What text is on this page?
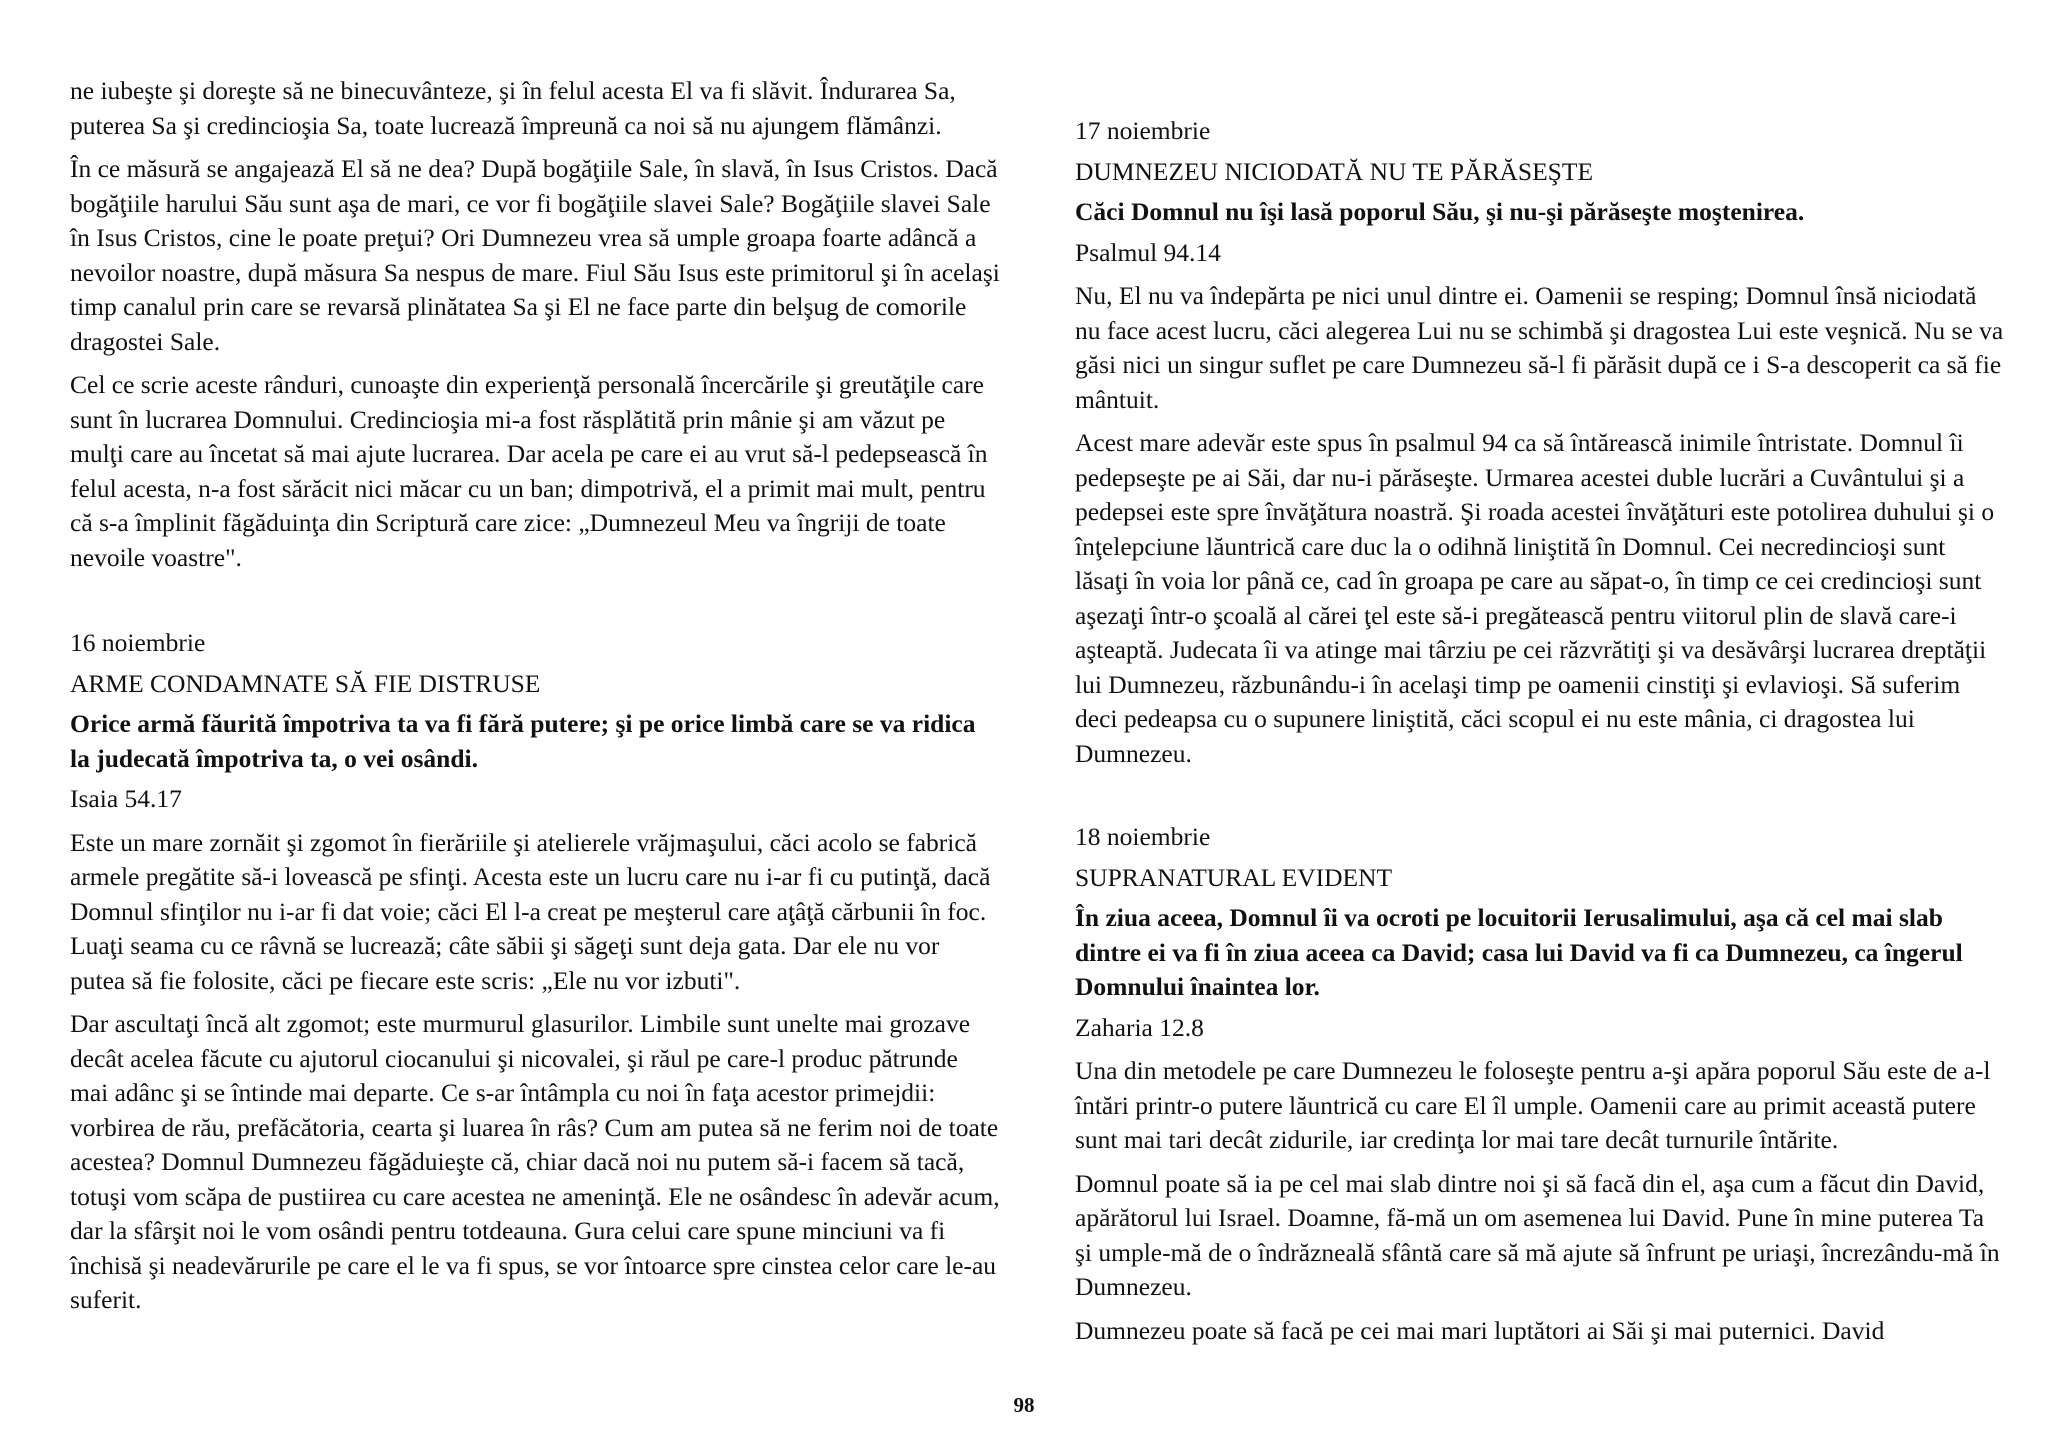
ne iubeşte şi doreşte să ne binecuvânteze, şi în felul acesta El va fi slăvit. Îndurarea Sa, puterea Sa şi credincioşia Sa, toate lucrează împreună ca noi să nu ajungem flămânzi.

În ce măsură se angajează El să ne dea? După bogăţiile Sale, în slavă, în Isus Cristos. Dacă bogăţiile harului Său sunt aşa de mari, ce vor fi bogăţiile slavei Sale? Bogăţiile slavei Sale în Isus Cristos, cine le poate preţui? Ori Dumnezeu vrea să umple groapa foarte adâncă a nevoilor noastre, după măsura Sa nespus de mare. Fiul Său Isus este primitorul şi în acelaşi timp canalul prin care se revarsă plinătatea Sa şi El ne face parte din belşug de comorile dragostei Sale.

Cel ce scrie aceste rânduri, cunoaşte din experienţă personală încercările şi greutăţile care sunt în lucrarea Domnului. Credincioşia mi-a fost răsplătită prin mânie şi am văzut pe mulţi care au încetat să mai ajute lucrarea. Dar acela pe care ei au vrut să-l pedepsească în felul acesta, n-a fost sărăcit nici măcar cu un ban; dimpotrivă, el a primit mai mult, pentru că s-a împlinit făgăduinţa din Scriptură care zice: „Dumnezeul Meu va îngriji de toate nevoile voastre".

16 noiembrie

ARME CONDAMNATE SĂ FIE DISTRUSE

Orice armă făurită împotriva ta va fi fără putere; şi pe orice limbă care se va ridica la judecată împotriva ta, o vei osândi.

Isaia 54.17

Este un mare zornăit şi zgomot în fierăriile şi atelierele vrăjmaşului, căci acolo se fabrică armele pregătite să-i lovească pe sfinţi. Acesta este un lucru care nu i-ar fi cu putinţă, dacă Domnul sfinţilor nu i-ar fi dat voie; căci El l-a creat pe meşterul care aţâţă cărbunii în foc. Luaţi seama cu ce râvnă se lucrează; câte săbii şi săgeţi sunt deja gata. Dar ele nu vor putea să fie folosite, căci pe fiecare este scris: „Ele nu vor izbuti".

Dar ascultaţi încă alt zgomot; este murmurul glasurilor. Limbile sunt unelte mai grozave decât acelea făcute cu ajutorul ciocanului şi nicovalei, şi răul pe care-l produc pătrunde mai adânc şi se întinde mai departe. Ce s-ar întâmpla cu noi în faţa acestor primejdii: vorbirea de rău, prefăcătoria, cearta şi luarea în râs? Cum am putea să ne ferim noi de toate acestea? Domnul Dumnezeu făgăduieşte că, chiar dacă noi nu putem să-i facem să tacă, totuşi vom scăpa de pustiirea cu care acestea ne ameninţă. Ele ne osândesc în adevăr acum, dar la sfârşit noi le vom osândi pentru totdeauna. Gura celui care spune minciuni va fi închisă şi neadevărurile pe care el le va fi spus, se vor întoarce spre cinstea celor care le-au suferit.

17 noiembrie

DUMNEZEU NICIODATĂ NU TE PĂRĂSEŞTE

Căci Domnul nu îşi lasă poporul Său, şi nu-şi părăseşte moştenirea.

Psalmul 94.14

Nu, El nu va îndepărta pe nici unul dintre ei. Oamenii se resping; Domnul însă niciodată nu face acest lucru, căci alegerea Lui nu se schimbă şi dragostea Lui este veşnică. Nu se va găsi nici un singur suflet pe care Dumnezeu să-l fi părăsit după ce i S-a descoperit ca să fie mântuit.

Acest mare adevăr este spus în psalmul 94 ca să întărească inimile întristate. Domnul îi pedepseşte pe ai Săi, dar nu-i părăseşte. Urmarea acestei duble lucrări a Cuvântului şi a pedepsei este spre învăţătura noastră. Şi roada acestei învăţături este potolirea duhului şi o înţelepciune lăuntrică care duc la o odihnă liniştită în Domnul. Cei necredincioşi sunt lăsaţi în voia lor până ce, cad în groapa pe care au săpat-o, în timp ce cei credincioşi sunt aşezaţi într-o şcoală al cărei ţel este să-i pregătească pentru viitorul plin de slavă care-i aşteaptă. Judecata îi va atinge mai târziu pe cei răzvrătiţi şi va desăvârşi lucrarea dreptăţii lui Dumnezeu, răzbunându-i în acelaşi timp pe oamenii cinstiţi şi evlavioşi. Să suferim deci pedeapsa cu o supunere liniştită, căci scopul ei nu este mânia, ci dragostea lui Dumnezeu.

18 noiembrie

SUPRANATURAL EVIDENT

În ziua aceea, Domnul îi va ocroti pe locuitorii Ierusalimului, aşa că cel mai slab dintre ei va fi în ziua aceea ca David; casa lui David va fi ca Dumnezeu, ca îngerul Domnului înaintea lor.

Zaharia 12.8

Una din metodele pe care Dumnezeu le foloseşte pentru a-şi apăra poporul Său este de a-l întări printr-o putere lăuntrică cu care El îl umple. Oamenii care au primit această putere sunt mai tari decât zidurile, iar credinţa lor mai tare decât turnurile întărite.

Domnul poate să ia pe cel mai slab dintre noi şi să facă din el, aşa cum a făcut din David, apărătorul lui Israel. Doamne, fă-mă un om asemenea lui David. Pune în mine puterea Ta şi umple-mă de o îndrăzneală sfântă care să mă ajute să înfrunt pe uriaşi, încrezându-mă în Dumnezeu.

Dumnezeu poate să facă pe cei mai mari luptători ai Săi şi mai puternici. David

98
